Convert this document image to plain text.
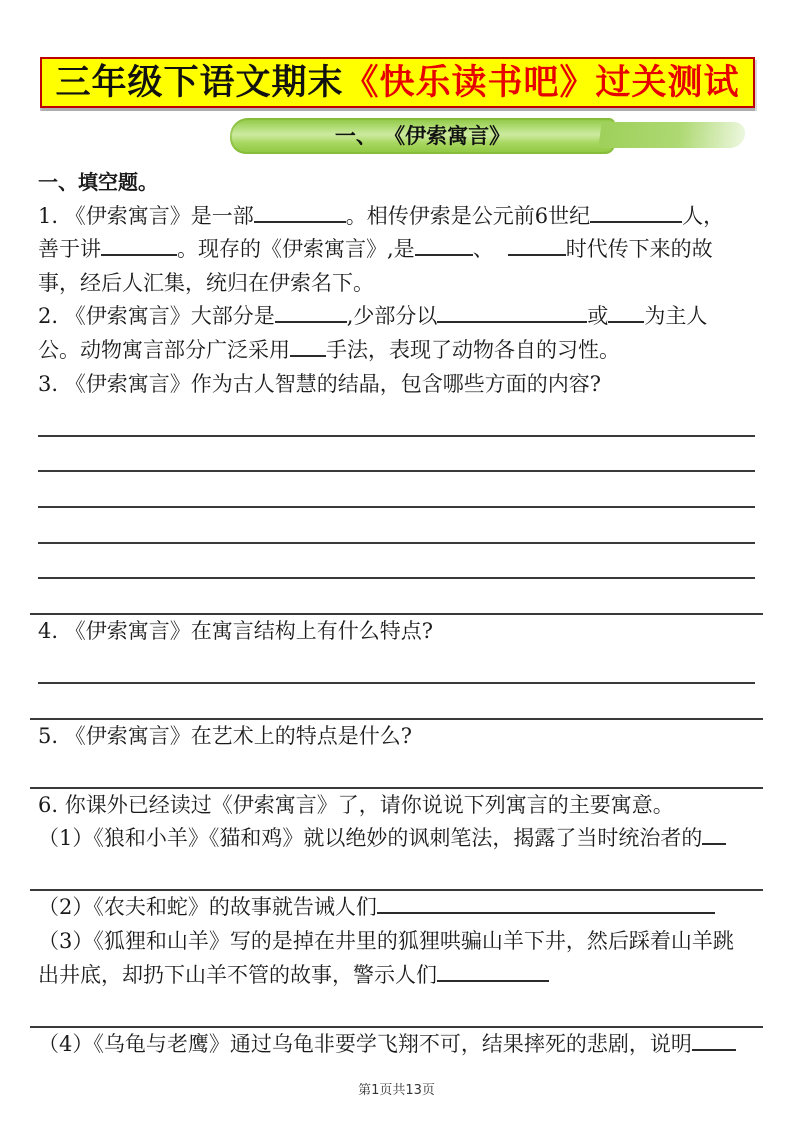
三年级下语文期末《快乐读书吧》过关测试
一、 《伊索寓言》
一、填空题。
1. 《伊索寓言》是一部	。相传伊索是公元前6世纪	人，
善于讲	。现存的《伊索寓言》,是	、	时代传下来的故
事，经后人汇集，统归在伊索名下。
2. 《伊索寓言》大部分是	,少部分以	或 为主人
公。动物寓言部分广泛采用 手法，表现了动物各自的习性。
3. 《伊索寓言》作为古人智慧的结晶，包含哪些方面的内容?
4. 《伊索寓言》在寓言结构上有什么特点?
5. 《伊索寓言》在艺术上的特点是什么?
6. 你课外已经读过《伊索寓言》了，请你说说下列寓言的主要寓意。
（1）《狼和小羊》《猫和鸡》就以绝妙的讽刺笔法，揭露了当时统治者的
（2）《农夫和蛇》的故事就告诫人们
（3）《狐狸和山羊》写的是掉在井里的狐狸哄骗山羊下井，然后踩着山羊跳
出井底，却扔下山羊不管的故事，警示人们
（4）《乌龟与老鹰》通过乌龟非要学飞翔不可，结果摔死的悲剧，说明
第1页共13页
